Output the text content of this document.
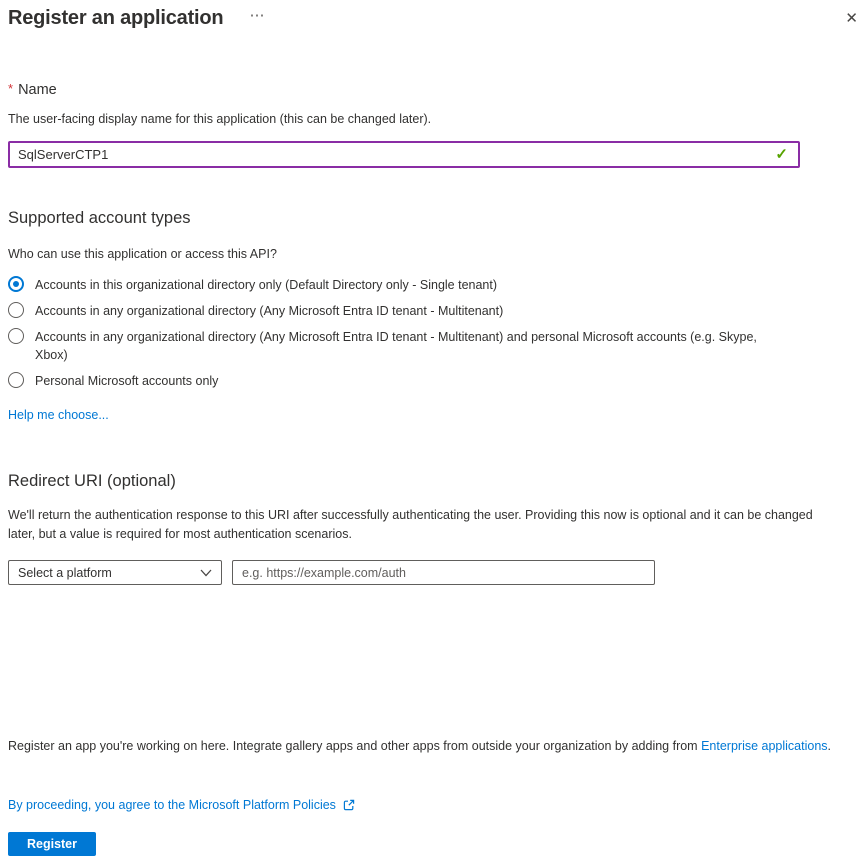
Register an application ⋯	✕
* Name
The user-facing display name for this application (this can be changed later).
SqlServerCTP1
✓
Supported account types
Who can use this application or access this API?
Accounts in this organizational directory only (Default Directory only - Single tenant)
Accounts in any organizational directory (Any Microsoft Entra ID tenant - Multitenant)
Accounts in any organizational directory (Any Microsoft Entra ID tenant - Multitenant) and personal Microsoft accounts (e.g. Skype, Xbox)
Personal Microsoft accounts only
Help me choose...
Redirect URI (optional)
We'll return the authentication response to this URI after successfully authenticating the user. Providing this now is optional and it can be changed later, but a value is required for most authentication scenarios.
Select a platform
e.g. https://example.com/auth
Register an app you're working on here. Integrate gallery apps and other apps from outside your organization by adding from Enterprise applications.
By proceeding, you agree to the Microsoft Platform Policies
Register
